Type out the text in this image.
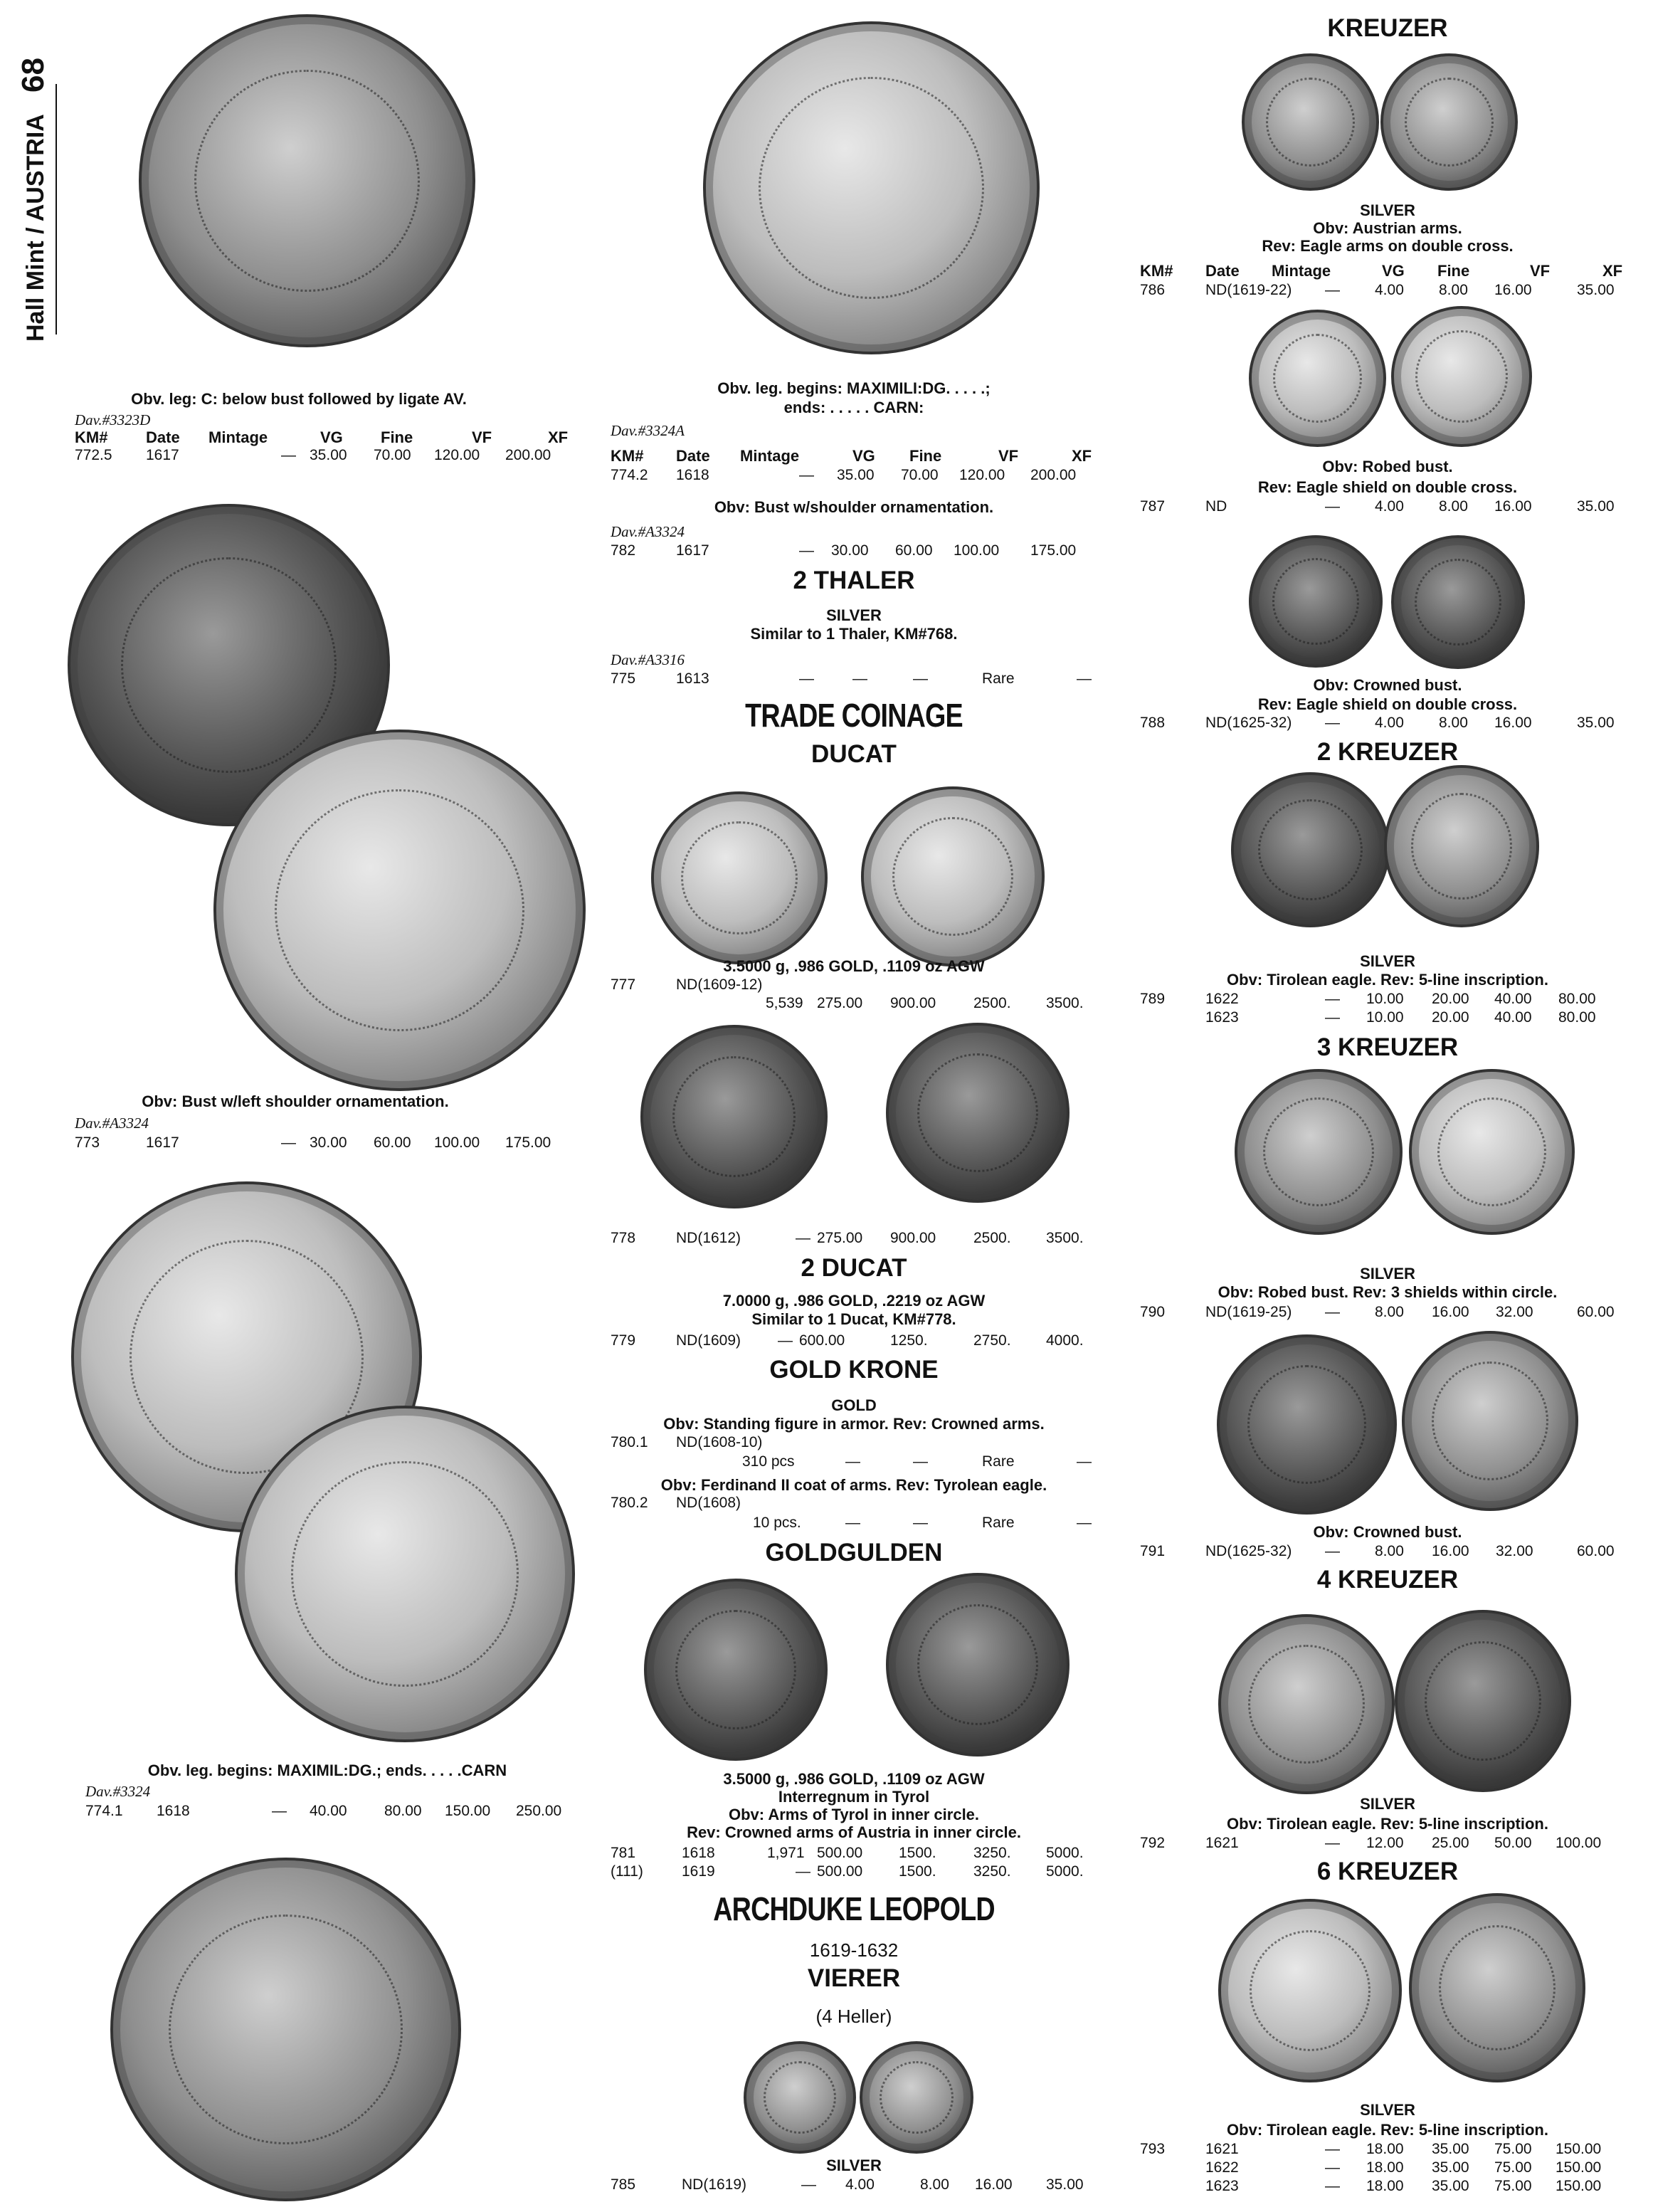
Hall Mint / AUSTRIA 68
Obv. leg: C: below bust followed by ligate AV.
Dav.#3323D
KM# Date Mintage	VG Fine	VF	XF
772.5 1617	— 35.00 70.00 120.00 200.00
Obv: Bust w/left shoulder ornamentation.
Dav.#A3324
773	1617	— 30.00 60.00 100.00 175.00
Obv. leg. begins: MAXIMIL:DG.; ends. . . . .CARN
Dav.#3324
774.1 1618	— 40.00 80.00 150.00 250.00
Obv. leg. begins: MAXIMILI:DG. . . . .;
ends: . . . . . CARN:
Dav.#3324A
KM# Date Mintage	VG Fine	VF	XF
774.2 1618	— 35.00 70.00 120.00 200.00
Obv: Bust w/shoulder ornamentation.
Dav.#A3324
782	1617	— 30.00 60.00 100.00 175.00
2 THALER
SILVER
Similar to 1 Thaler, KM#768.
Dav.#A3316
775	1613	—	—	—	Rare	—
TRADE COINAGE
DUCAT
3.5000 g, .986 GOLD, .1109 oz AGW
777	ND(1609-12)
5,539 275.00 900.00	2500. 3500.
778	ND(1612)	— 275.00 900.00	2500. 3500.
2 DUCAT
7.0000 g, .986 GOLD, .2219 oz AGW
Similar to 1 Ducat, KM#778.
779	ND(1609) — 600.00	1250.	2750. 4000.
GOLD KRONE
GOLD
Obv: Standing figure in armor. Rev: Crowned arms.
780.1 ND(1608-10)
310 pcs	—	—	Rare	—
Obv: Ferdinand II coat of arms. Rev: Tyrolean eagle.
780.2 ND(1608)
10 pcs.	—	—	Rare	—
GOLDGULDEN
3.5000 g, .986 GOLD, .1109 oz AGW
Interregnum in Tyrol
Obv: Arms of Tyrol in inner circle.
Rev: Crowned arms of Austria in inner circle.
781	1618	1,971 500.00 1500. 3250. 5000.
(111)	1619	— 500.00 1500. 3250. 5000.
ARCHDUKE LEOPOLD
1619-1632
VIERER
(4 Heller)
SILVER
785	ND(1619)	— 4.00	8.00 16.00 35.00
KREUZER
SILVER
Obv: Austrian arms.
Rev: Eagle arms on double cross.
KM# Date Mintage	VG Fine	VF	XF
786	ND(1619-22) — 4.00 8.00 16.00	35.00
Obv: Robed bust.
Rev: Eagle shield on double cross.
787	ND	— 4.00 8.00 16.00	35.00
Obv: Crowned bust.
Rev: Eagle shield on double cross.
788	ND(1625-32) — 4.00 8.00 16.00	35.00
2 KREUZER
SILVER
Obv: Tirolean eagle. Rev: 5-line inscription.
789	1622	— 10.00 20.00 40.00 80.00
1623	— 10.00 20.00 40.00 80.00
3 KREUZER
SILVER
Obv: Robed bust. Rev: 3 shields within circle.
790	ND(1619-25) — 8.00 16.00 32.00	60.00
Obv: Crowned bust.
791	ND(1625-32) — 8.00 16.00 32.00	60.00
4 KREUZER
SILVER
Obv: Tirolean eagle. Rev: 5-line inscription.
792	1621	— 12.00 25.00 50.00 100.00
6 KREUZER
SILVER
Obv: Tirolean eagle. Rev: 5-line inscription.
793	1621	— 18.00 35.00 75.00 150.00
1622	— 18.00 35.00 75.00 150.00
1623	— 18.00 35.00 75.00 150.00
